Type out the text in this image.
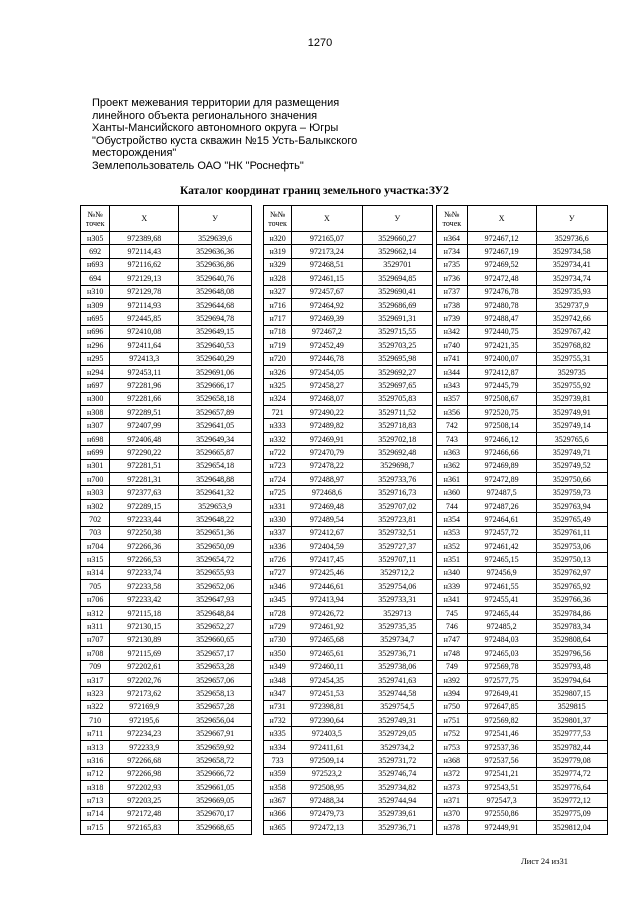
1270
Проект межевания территории для размещения
линейного объекта регионального значения
Ханты-Мансийского автономного округа – Югры
"Обустройство куста скважин №15 Усть-Балыкского
месторождения"
Землепользователь ОАО "НК "Роснефть"
Каталог координат границ земельного участка:ЗУ2
№№
точек	X	У
н305	972389,68	3529639,6
692	972114,43	3529636,36
н693	972116,62	3529636,86
694	972129,13	3529640,76
н310	972129,78	3529648,08
н309	972114,93	3529644,68
н695	972445,85	3529694,78
н696	972410,08	3529649,15
н296	972411,64	3529640,53
н295	972413,3	3529640,29
н294	972453,11	3529691,06
н697	972281,96	3529666,17
н300	972281,66	3529658,18
н308	972289,51	3529657,89
н307	972407,99	3529641,05
н698	972406,48	3529649,34
н699	972290,22	3529665,87
н301	972281,51	3529654,18
н700	972281,31	3529648,88
н303	972377,63	3529641,32
н302	972289,15	3529653,9
702	972233,44	3529648,22
703	972250,38	3529651,36
н704	972266,36	3529650,09
н315	972266,53	3529654,72
н314	972233,74	3529655,93
705	972233,58	3529652,06
н706	972233,42	3529647,93
н312	972115,18	3529648,84
н311	972130,15	3529652,27
н707	972130,89	3529660,65
н708	972115,69	3529657,17
709	972202,61	3529653,28
н317	972202,76	3529657,06
н323	972173,62	3529658,13
н322	972169,9	3529657,28
710	972195,6	3529656,04
н711	972234,23	3529667,91
н313	972233,9	3529659,92
н316	972266,68	3529658,72
н712	972266,98	3529666,72
н318	972202,93	3529661,05
н713	972203,25	3529669,05
н714	972172,48	3529670,17
н715	972165,83	3529668,65
№№
точек	X	У
н320	972165,07	3529660,27
н319	972173,24	3529662,14
н329	972468,51	3529701
н328	972461,15	3529694,85
н327	972457,67	3529690,41
н716	972464,92	3529686,69
н717	972469,39	3529691,31
н718	972467,2	3529715,55
н719	972452,49	3529703,25
н720	972446,78	3529695,98
н326	972454,05	3529692,27
н325	972458,27	3529697,65
н324	972468,07	3529705,83
721	972490,22	3529711,52
н333	972489,82	3529718,83
н332	972469,91	3529702,18
н722	972470,79	3529692,48
н723	972478,22	3529698,7
н724	972488,97	3529733,76
н725	972468,6	3529716,73
н331	972469,48	3529707,02
н330	972489,54	3529723,81
н337	972412,67	3529732,51
н336	972404,59	3529727,37
н726	972417,45	3529707,11
н727	972425,46	3529712,2
н346	972446,61	3529754,06
н345	972413,94	3529733,31
н728	972426,72	3529713
н729	972461,92	3529735,35
н730	972465,68	3529734,7
н350	972465,61	3529736,71
н349	972460,11	3529738,06
н348	972454,35	3529741,63
н347	972451,53	3529744,58
н731	972398,81	3529754,5
н732	972390,64	3529749,31
н335	972403,5	3529729,05
н334	972411,61	3529734,2
733	972509,14	3529731,72
н359	972523,2	3529746,74
н358	972508,95	3529734,82
н367	972488,34	3529744,94
н366	972479,73	3529739,61
н365	972472,13	3529736,71
№№
точек	X	У
н364	972467,12	3529736,6
н734	972467,19	3529734,58
н735	972469,52	3529734,41
н736	972472,48	3529734,74
н737	972476,78	3529735,93
н738	972480,78	3529737,9
н739	972488,47	3529742,66
н342	972440,75	3529767,42
н740	972421,35	3529768,82
н741	972400,07	3529755,31
н344	972412,87	3529735
н343	972445,79	3529755,92
н357	972508,67	3529739,81
н356	972520,75	3529749,91
742	972508,14	3529749,14
743	972466,12	3529765,6
н363	972466,66	3529749,71
н362	972469,89	3529749,52
н361	972472,89	3529750,66
н360	972487,5	3529759,73
744	972487,26	3529763,94
н354	972464,61	3529765,49
н353	972457,72	3529761,11
н352	972461,42	3529753,06
н351	972465,15	3529750,13
н340	972456,9	3529762,97
н339	972461,55	3529765,92
н341	972455,41	3529766,36
745	972465,44	3529784,86
746	972485,2	3529783,34
н747	972484,03	3529808,64
н748	972465,03	3529796,56
749	972569,78	3529793,48
н392	972577,75	3529794,64
н394	972649,41	3529807,15
н750	972647,85	3529815
н751	972569,82	3529801,37
н752	972541,46	3529777,53
н753	972537,36	3529782,44
н368	972537,56	3529779,08
н372	972541,21	3529774,72
н373	972543,51	3529776,64
н371	972547,3	3529772,12
н370	972550,86	3529775,09
н378	972449,91	3529812,04
Лист 24 из31
